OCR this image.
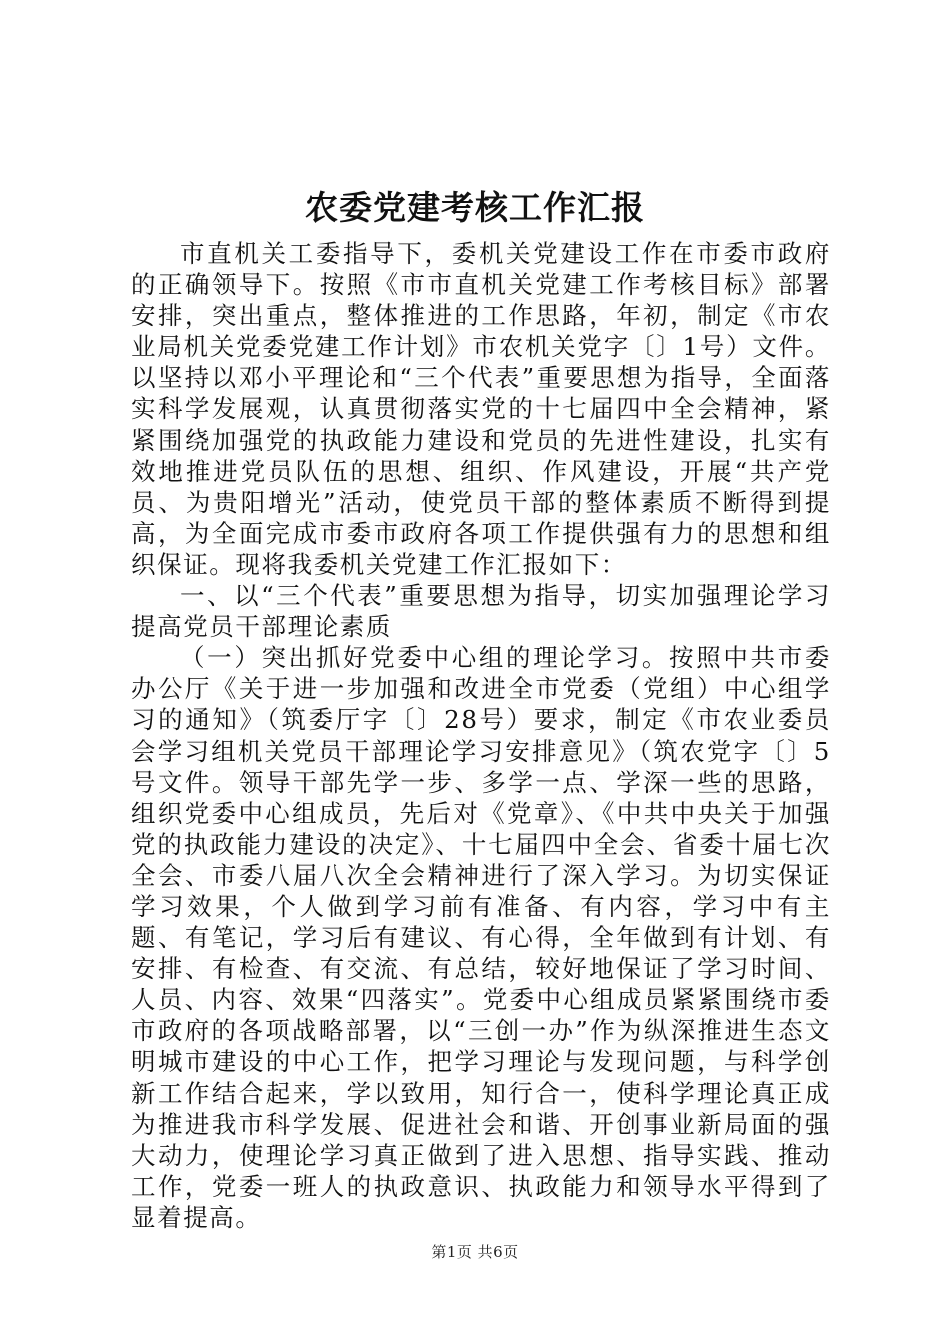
农委党建考核工作汇报

市直机关工委指导下，委机关党建设工作在市委市政府的正确领导下。按照《市市直机关党建工作考核目标》部署安排，突出重点，整体推进的工作思路，年初，制定《市农业局机关党委党建工作计划》市农机关党字〔〕1号）文件。以坚持以邓小平理论和“三个代表”重要思想为指导，全面落实科学发展观，认真贯彻落实党的十七届四中全会精神，紧紧围绕加强党的执政能力建设和党员的先进性建设，扎实有效地推进党员队伍的思想、组织、作风建设，开展“共产党员、为贵阳增光”活动，使党员干部的整体素质不断得到提高，为全面完成市委市政府各项工作提供强有力的思想和组织保证。现将我委机关党建工作汇报如下：

一、以“三个代表”重要思想为指导，切实加强理论学习提高党员干部理论素质

（一）突出抓好党委中心组的理论学习。按照中共市委办公厅《关于进一步加强和改进全市党委（党组）中心组学习的通知》（筑委厅字〔〕28号）要求，制定《市农业委员会学习组机关党员干部理论学习安排意见》（筑农党字〔〕5号文件。领导干部先学一步、多学一点、学深一些的思路，组织党委中心组成员，先后对《党章》、《中共中央关于加强党的执政能力建设的决定》、十七届四中全会、省委十届七次全会、市委八届八次全会精神进行了深入学习。为切实保证学习效果，个人做到学习前有准备、有内容，学习中有主题、有笔记，学习后有建议、有心得，全年做到有计划、有安排、有检查、有交流、有总结，较好地保证了学习时间、人员、内容、效果“四落实”。党委中心组成员紧紧围绕市委市政府的各项战略部署，以“三创一办”作为纵深推进生态文明城市建设的中心工作，把学习理论与发现问题，与科学创新工作结合起来，学以致用，知行合一，使科学理论真正成为推进我市科学发展、促进社会和谐、开创事业新局面的强大动力，使理论学习真正做到了进入思想、指导实践、推动工作，党委一班人的执政意识、执政能力和领导水平得到了显着提高。

第1页 共6页
